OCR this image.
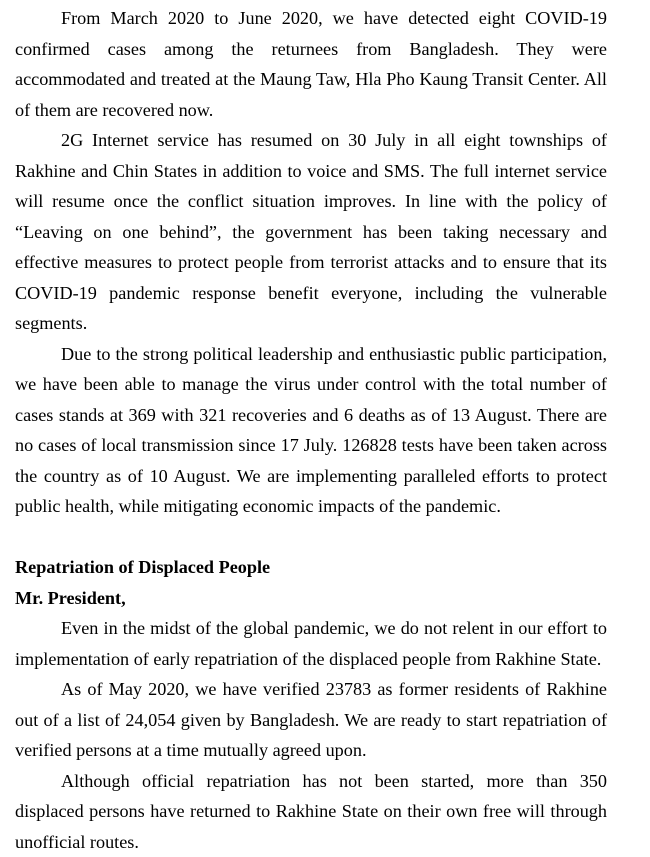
From March 2020 to June 2020, we have detected eight COVID-19 confirmed cases among the returnees from Bangladesh. They were accommodated and treated at the Maung Taw, Hla Pho Kaung Transit Center. All of them are recovered now.

2G Internet service has resumed on 30 July in all eight townships of Rakhine and Chin States in addition to voice and SMS. The full internet service will resume once the conflict situation improves. In line with the policy of “Leaving on one behind”, the government has been taking necessary and effective measures to protect people from terrorist attacks and to ensure that its COVID-19 pandemic response benefit everyone, including the vulnerable segments.

Due to the strong political leadership and enthusiastic public participation, we have been able to manage the virus under control with the total number of cases stands at 369 with 321 recoveries and 6 deaths as of 13 August. There are no cases of local transmission since 17 July. 126828 tests have been taken across the country as of 10 August. We are implementing paralleled efforts to protect public health, while mitigating economic impacts of the pandemic.

Repatriation of Displaced People
Mr. President,

Even in the midst of the global pandemic, we do not relent in our effort to implementation of early repatriation of the displaced people from Rakhine State.

As of May 2020, we have verified 23783 as former residents of Rakhine out of a list of 24,054 given by Bangladesh. We are ready to start repatriation of verified persons at a time mutually agreed upon.

Although official repatriation has not been started, more than 350 displaced persons have returned to Rakhine State on their own free will through unofficial routes.
